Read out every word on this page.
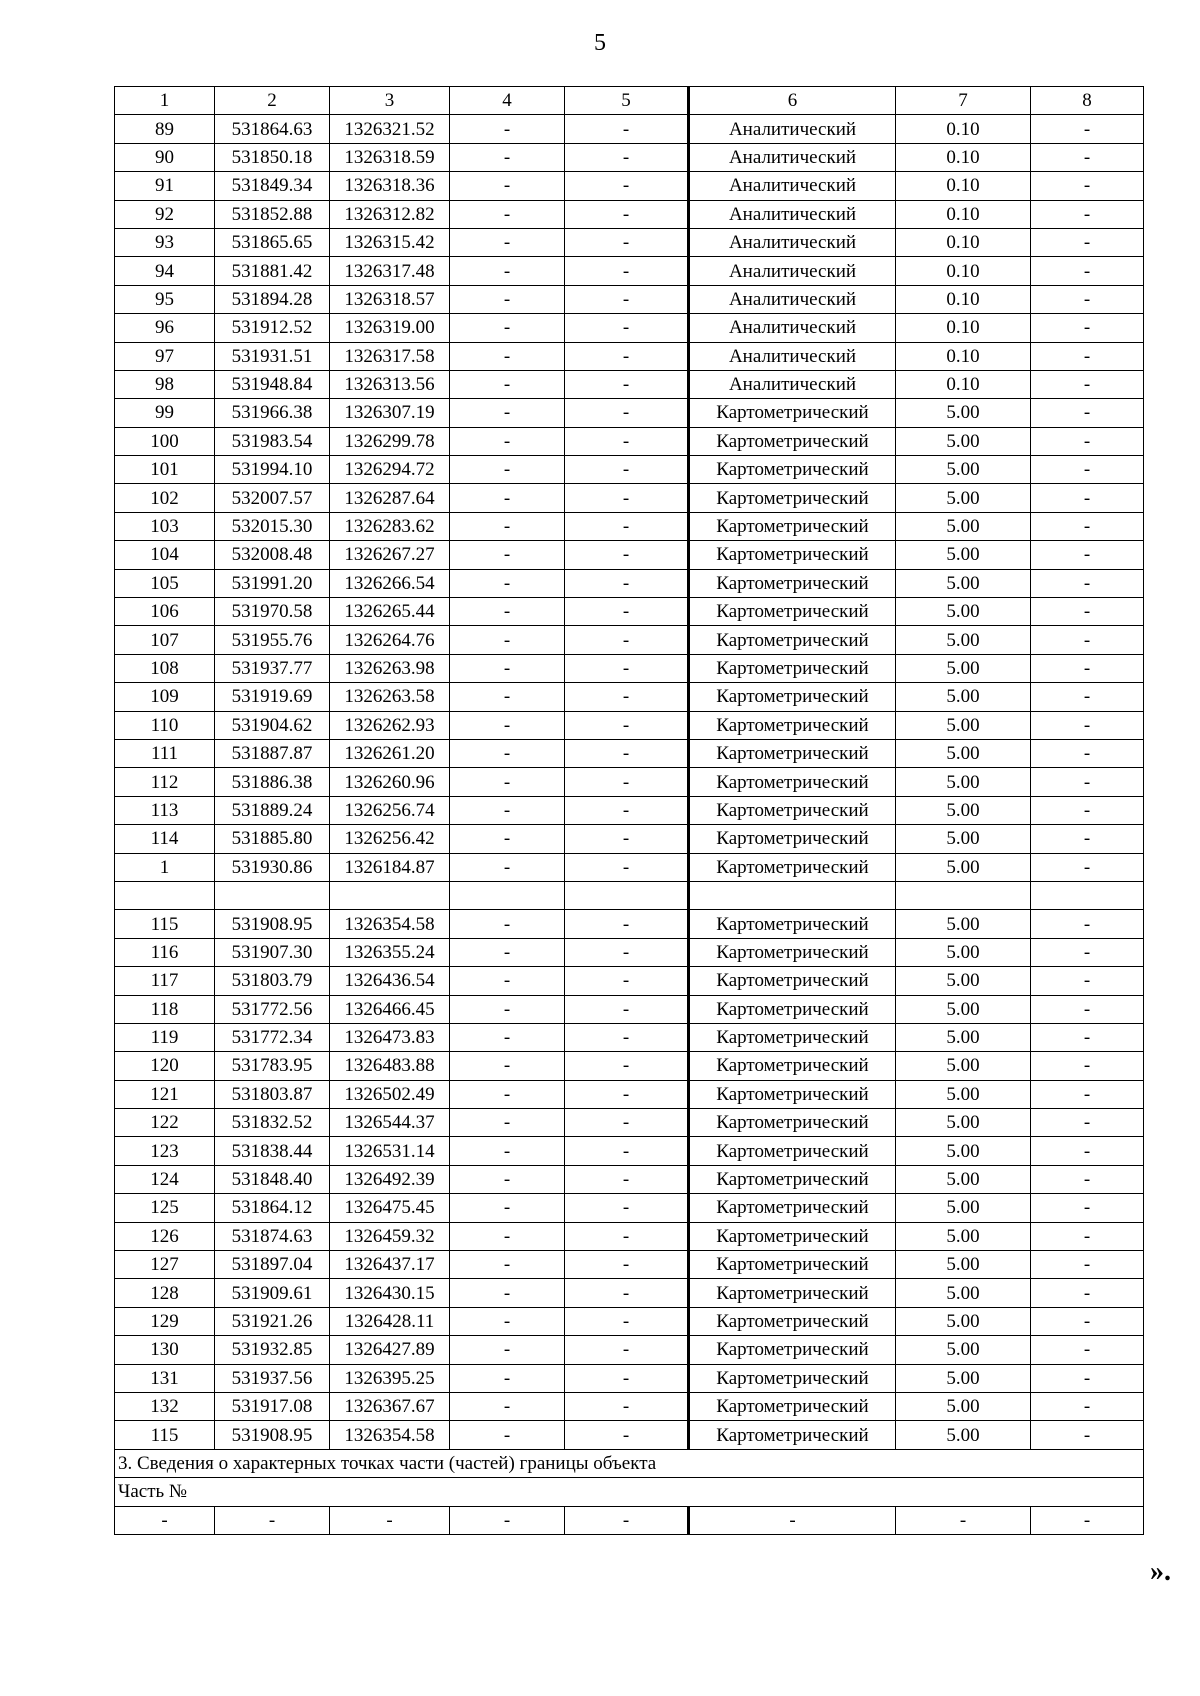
5
1	2	3	4	5	6	7	8
89	531864.63	1326321.52	-	-	Аналитический	0.10	-
90	531850.18	1326318.59	-	-	Аналитический	0.10	-
91	531849.34	1326318.36	-	-	Аналитический	0.10	-
92	531852.88	1326312.82	-	-	Аналитический	0.10	-
93	531865.65	1326315.42	-	-	Аналитический	0.10	-
94	531881.42	1326317.48	-	-	Аналитический	0.10	-
95	531894.28	1326318.57	-	-	Аналитический	0.10	-
96	531912.52	1326319.00	-	-	Аналитический	0.10	-
97	531931.51	1326317.58	-	-	Аналитический	0.10	-
98	531948.84	1326313.56	-	-	Аналитический	0.10	-
99	531966.38	1326307.19	-	-	Картометрический	5.00	-
100	531983.54	1326299.78	-	-	Картометрический	5.00	-
101	531994.10	1326294.72	-	-	Картометрический	5.00	-
102	532007.57	1326287.64	-	-	Картометрический	5.00	-
103	532015.30	1326283.62	-	-	Картометрический	5.00	-
104	532008.48	1326267.27	-	-	Картометрический	5.00	-
105	531991.20	1326266.54	-	-	Картометрический	5.00	-
106	531970.58	1326265.44	-	-	Картометрический	5.00	-
107	531955.76	1326264.76	-	-	Картометрический	5.00	-
108	531937.77	1326263.98	-	-	Картометрический	5.00	-
109	531919.69	1326263.58	-	-	Картометрический	5.00	-
110	531904.62	1326262.93	-	-	Картометрический	5.00	-
111	531887.87	1326261.20	-	-	Картометрический	5.00	-
112	531886.38	1326260.96	-	-	Картометрический	5.00	-
113	531889.24	1326256.74	-	-	Картометрический	5.00	-
114	531885.80	1326256.42	-	-	Картометрический	5.00	-
1	531930.86	1326184.87	-	-	Картометрический	5.00	-

115	531908.95	1326354.58	-	-	Картометрический	5.00	-
116	531907.30	1326355.24	-	-	Картометрический	5.00	-
117	531803.79	1326436.54	-	-	Картометрический	5.00	-
118	531772.56	1326466.45	-	-	Картометрический	5.00	-
119	531772.34	1326473.83	-	-	Картометрический	5.00	-
120	531783.95	1326483.88	-	-	Картометрический	5.00	-
121	531803.87	1326502.49	-	-	Картометрический	5.00	-
122	531832.52	1326544.37	-	-	Картометрический	5.00	-
123	531838.44	1326531.14	-	-	Картометрический	5.00	-
124	531848.40	1326492.39	-	-	Картометрический	5.00	-
125	531864.12	1326475.45	-	-	Картометрический	5.00	-
126	531874.63	1326459.32	-	-	Картометрический	5.00	-
127	531897.04	1326437.17	-	-	Картометрический	5.00	-
128	531909.61	1326430.15	-	-	Картометрический	5.00	-
129	531921.26	1326428.11	-	-	Картометрический	5.00	-
130	531932.85	1326427.89	-	-	Картометрический	5.00	-
131	531937.56	1326395.25	-	-	Картометрический	5.00	-
132	531917.08	1326367.67	-	-	Картометрический	5.00	-
115	531908.95	1326354.58	-	-	Картометрический	5.00	-
3. Сведения о характерных точках части (частей) границы объекта							
Часть №							
-	-	-	-	-	-	-	-
».
